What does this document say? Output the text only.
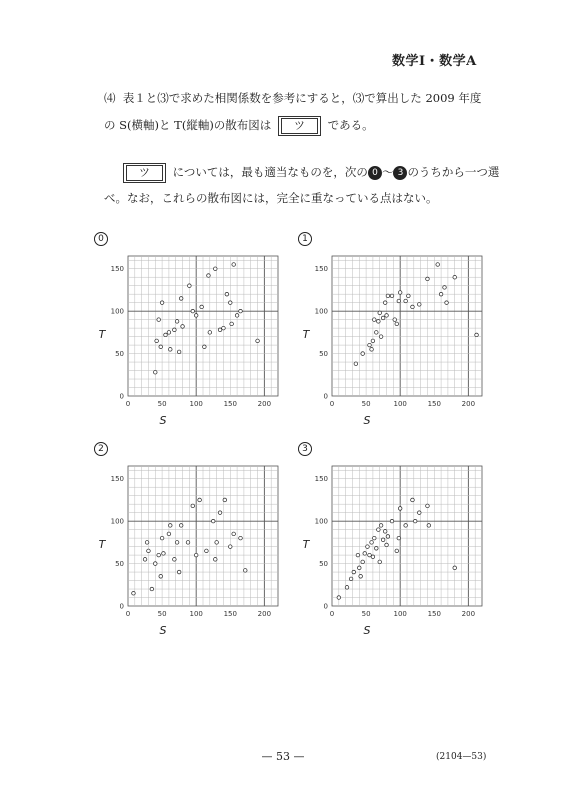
数学Ⅰ・数学A
⑷ 表１と⑶で求めた相関係数を参考にすると，⑶で算出した 2009 年度
の S(横軸)と T(縦軸)の散布図は ツ である。
ツ については，最も適当なものを，次の 0 〜 3 のうちから一つ選
べ。なお，これらの散布図には，完全に重なっている点はない。
0
0	50	100	150	200
0
50
100
150
S
T
1
0	50	100	150	200
0
50
100
150
S
T
2
0	50	100	150	200
0
50
100
150
S
T
3
0	50	100	150	200
0
50
100
150
S
T
— 53 —	(2104—53)
